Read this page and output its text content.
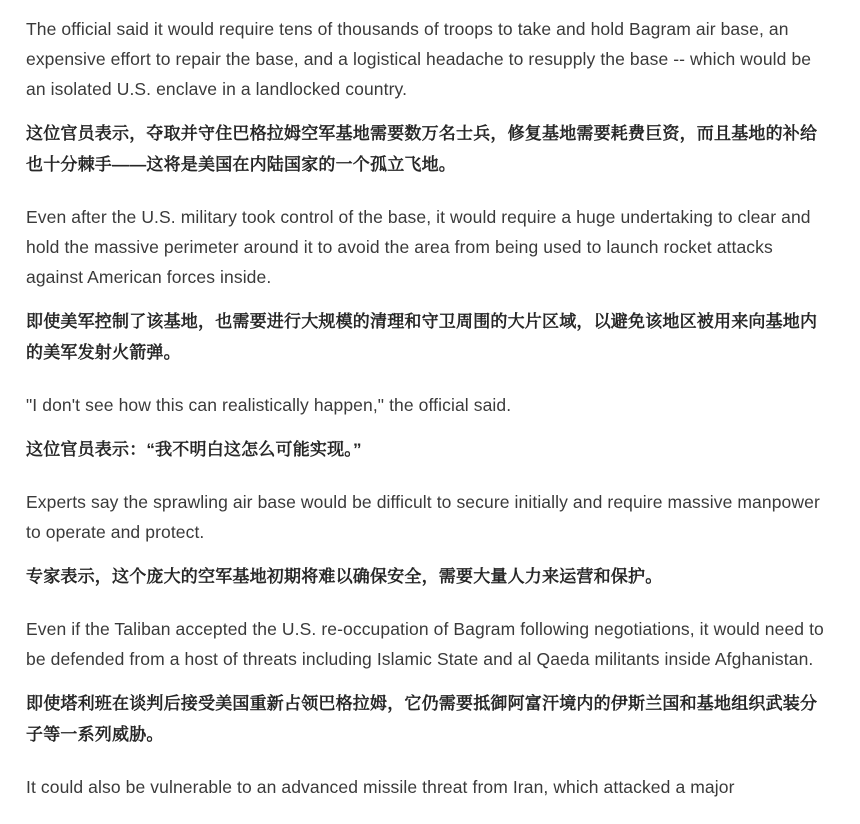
The official said it would require tens of thousands of troops to take and hold Bagram air base, an expensive effort to repair the base, and a logistical headache to resupply the base -- which would be an isolated U.S. enclave in a landlocked country.

这位官员表示，夺取并守住巴格拉姆空军基地需要数万名士兵，修复基地需要耗费巨资，而且基地的补给也十分棘手——这将是美国在内陆国家的一个孤立飞地。

Even after the U.S. military took control of the base, it would require a huge undertaking to clear and hold the massive perimeter around it to avoid the area from being used to launch rocket attacks against American forces inside.

即使美军控制了该基地，也需要进行大规模的清理和守卫周围的大片区域，以避免该地区被用来向基地内的美军发射火箭弹。

"I don't see how this can realistically happen," the official said.

这位官员表示：“我不明白这怎么可能实现。”

Experts say the sprawling air base would be difficult to secure initially and require massive manpower to operate and protect.

专家表示，这个庞大的空军基地初期将难以确保安全，需要大量人力来运营和保护。

Even if the Taliban accepted the U.S. re-occupation of Bagram following negotiations, it would need to be defended from a host of threats including Islamic State and al Qaeda militants inside Afghanistan.

即使塔利班在谈判后接受美国重新占领巴格拉姆，它仍需要抵御阿富汗境内的伊斯兰国和基地组织武装分子等一系列威胁。

It could also be vulnerable to an advanced missile threat from Iran, which attacked a major
